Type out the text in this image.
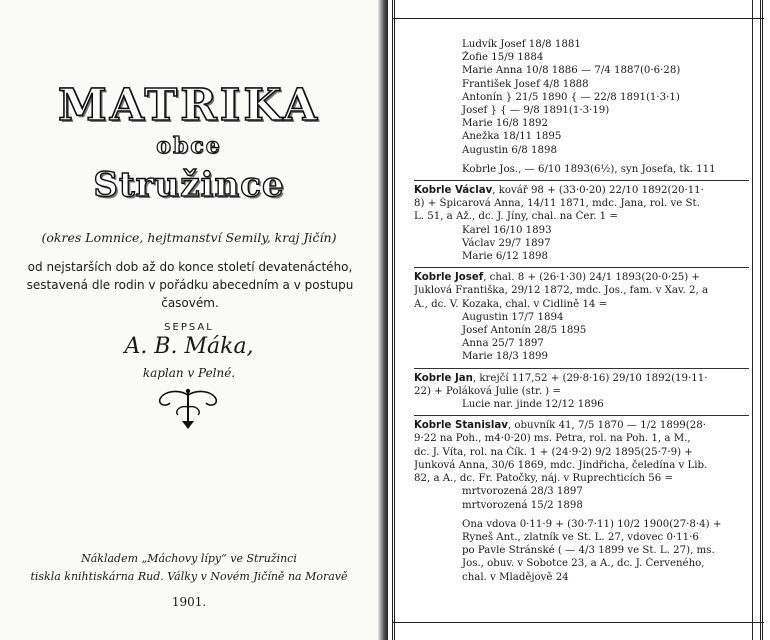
MATRIKA
obce
Stružince
(okres Lomnice, hejtmanství Semily, kraj Jičín)
od nejstarších dob až do konce století devatenáctého,
sestavená dle rodin v pořádku abecedním a v postupu časovém.
SEPSAL
A. B. Máka,
kaplan v Pelné.
Nákladem „Máchovy lípy“ ve Stružinci
tiskla knihtiskárna Rud. Války v Novém Jičíně na Moravě
1901.
Ludvík Josef 18/8 1881
Žofie 15/9 1884
Marie Anna 10/8 1886 — 7/4 1887(0·6·28)
František Josef 4/8 1888
Antonín } 21/5 1890 { — 22/8 1891(1·3·1)
Josef } { — 9/8 1891(1·3·19)
Marie 16/8 1892
Anežka 18/11 1895
Augustin 6/8 1898
Kobrle Jos., — 6/10 1893(6½), syn Josefa, tk. 111
Kobrle Václav, kovář 98 + (33·0·20) 22/10 1892(20·11·
8) + Špicarová Anna, 14/11 1871, mdc. Jana, rol. ve St.
L. 51, a Až., dc. J. Jíny, chal. na Čer. 1 =
Karel 16/10 1893
Václav 29/7 1897
Marie 6/12 1898
Kobrle Josef, chal. 8 + (26·1·30) 24/1 1893(20·0·25) +
Juklová Františka, 29/12 1872, mdc. Jos., fam. v Xav. 2, a
A., dc. V. Kozaka, chal. v Cidlině 14 =
Augustin 17/7 1894
Josef Antonín 28/5 1895
Anna 25/7 1897
Marie 18/3 1899
Kobrle Jan, krejčí 117,52 + (29·8·16) 29/10 1892(19·11·
22) + Poláková Julie (str. ) =
Lucie nar. jinde 12/12 1896
Kobrle Stanislav, obuvník 41, 7/5 1870 — 1/2 1899(28·
9·22 na Poh., m4·0·20) ms. Petra, rol. na Poh. 1, a M.,
dc. J. Víta, rol. na Čík. 1 + (24·9·2) 9/2 1895(25·7·9) +
Junková Anna, 30/6 1869, mdc. Jindřicha, čeledína v Lib.
82, a A., dc. Fr. Patočky, náj. v Ruprechticích 56 =
mrtvorozená 28/3 1897
mrtvorozená 15/2 1898
Ona vdova 0·11·9 + (30·7·11) 10/2 1900(27·8·4) +
Ryneš Ant., zlatník ve St. L. 27, vdovec 0·11·6
po Pavle Stránské ( — 4/3 1899 ve St. L. 27), ms.
Jos., obuv. v Sobotce 23, a A., dc. J. Červeného,
chal. v Mladějově 24
